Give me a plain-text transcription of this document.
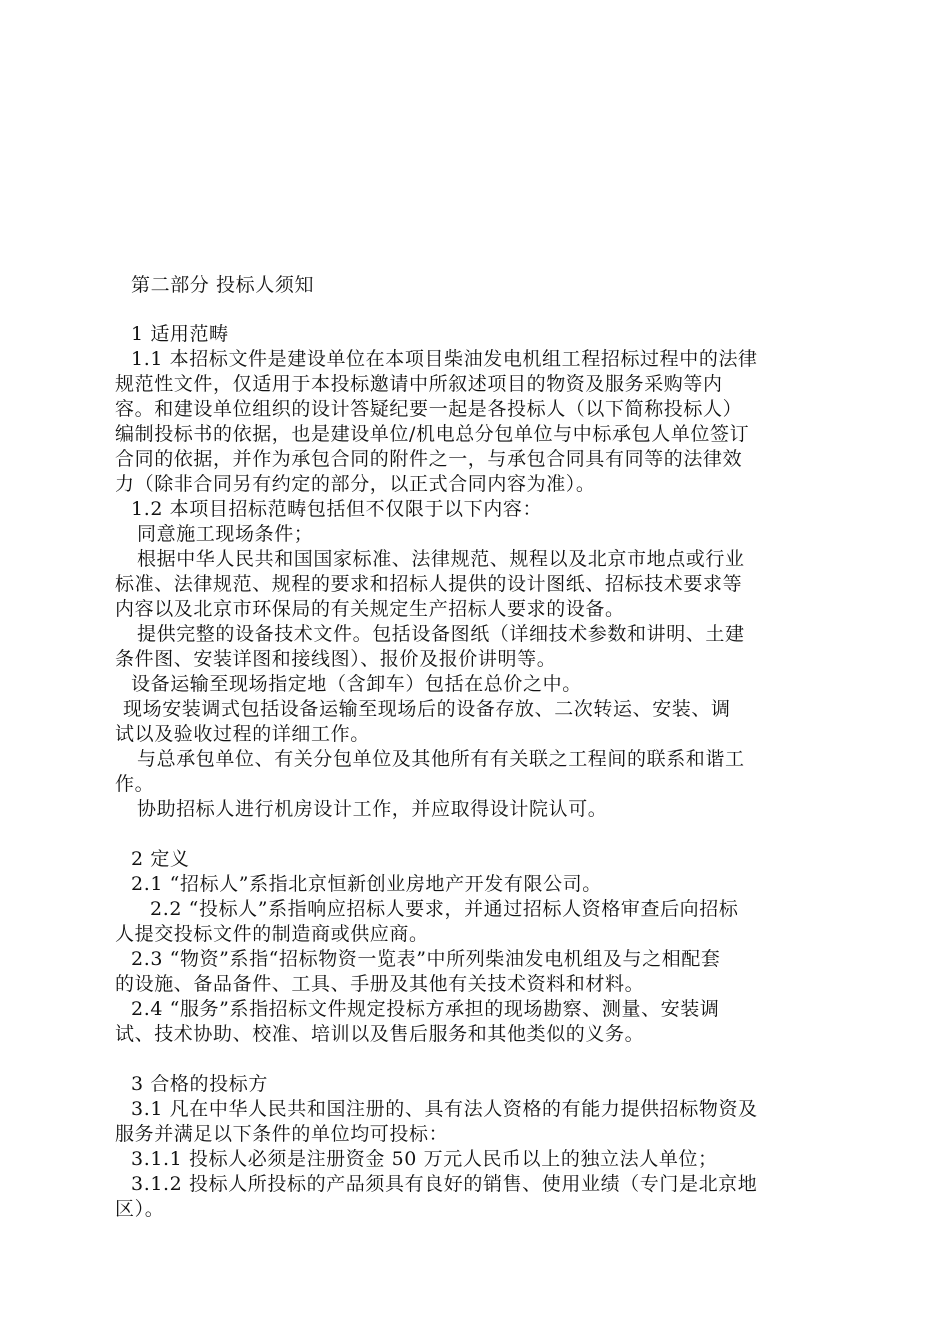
第二部分 投标人须知
1 适用范畴
1.1 本招标文件是建设单位在本项目柴油发电机组工程招标过程中的法律
规范性文件，仅适用于本投标邀请中所叙述项目的物资及服务采购等内
容。和建设单位组织的设计答疑纪要一起是各投标人（以下简称投标人）
编制投标书的依据，也是建设单位/机电总分包单位与中标承包人单位签订
合同的依据，并作为承包合同的附件之一，与承包合同具有同等的法律效
力（除非合同另有约定的部分，以正式合同内容为准）。
1.2 本项目招标范畴包括但不仅限于以下内容：
同意施工现场条件；
根据中华人民共和国国家标准、法律规范、规程以及北京市地点或行业
标准、法律规范、规程的要求和招标人提供的设计图纸、招标技术要求等
内容以及北京市环保局的有关规定生产招标人要求的设备。
提供完整的设备技术文件。包括设备图纸（详细技术参数和讲明、土建
条件图、安装详图和接线图）、报价及报价讲明等。
设备运输至现场指定地（含卸车）包括在总价之中。
现场安装调式包括设备运输至现场后的设备存放、二次转运、安装、调
试以及验收过程的详细工作。
与总承包单位、有关分包单位及其他所有有关联之工程间的联系和谐工
作。
协助招标人进行机房设计工作，并应取得设计院认可。
2 定义
2.1 “招标人”系指北京恒新创业房地产开发有限公司。
2.2 “投标人”系指响应招标人要求，并通过招标人资格审查后向招标
人提交投标文件的制造商或供应商。
2.3 “物资”系指“招标物资一览表”中所列柴油发电机组及与之相配套
的设施、备品备件、工具、手册及其他有关技术资料和材料。
2.4 “服务”系指招标文件规定投标方承担的现场勘察、测量、安装调
试、技术协助、校准、培训以及售后服务和其他类似的义务。
3 合格的投标方
3.1 凡在中华人民共和国注册的、具有法人资格的有能力提供招标物资及
服务并满足以下条件的单位均可投标：
3.1.1 投标人必须是注册资金 50 万元人民币以上的独立法人单位；
3.1.2 投标人所投标的产品须具有良好的销售、使用业绩（专门是北京地
区）。
